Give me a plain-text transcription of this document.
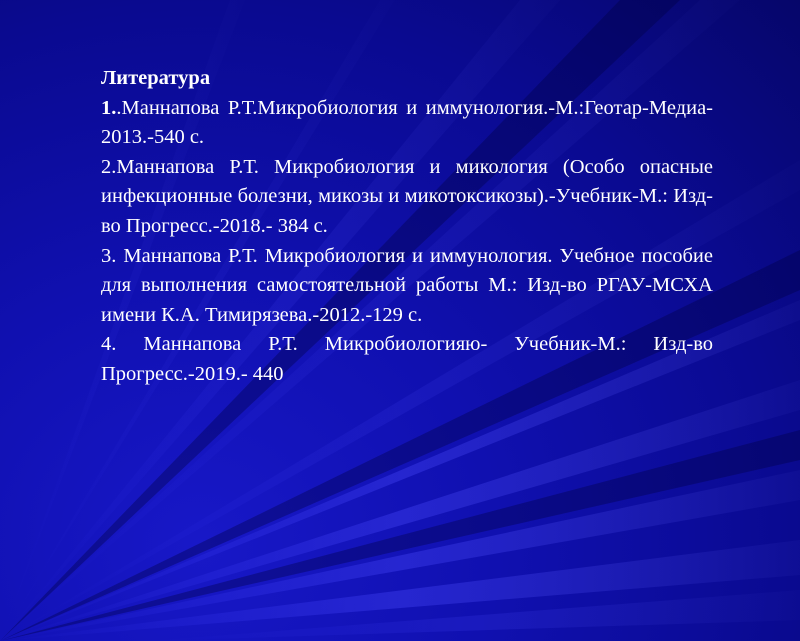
Литература

1..Маннапова Р.Т.Микробиология и иммунология.-М.:Геотар-Медиа- 2013.-540 с.

2.Маннапова Р.Т. Микробиология и микология (Особо опасные инфекционные болезни, микозы и микотоксикозы).-Учебник-М.: Изд-во Прогресс.-2018.- 384 с.

3. Маннапова Р.Т. Микробиология и иммунология. Учебное пособие для выполнения самостоятельной работы М.: Изд-во РГАУ-МСХА имени К.А. Тимирязева.-2012.-129 с.

4. Маннапова Р.Т. Микробиологияю- Учебник-М.: Изд-во Прогресс.-2019.- 440
